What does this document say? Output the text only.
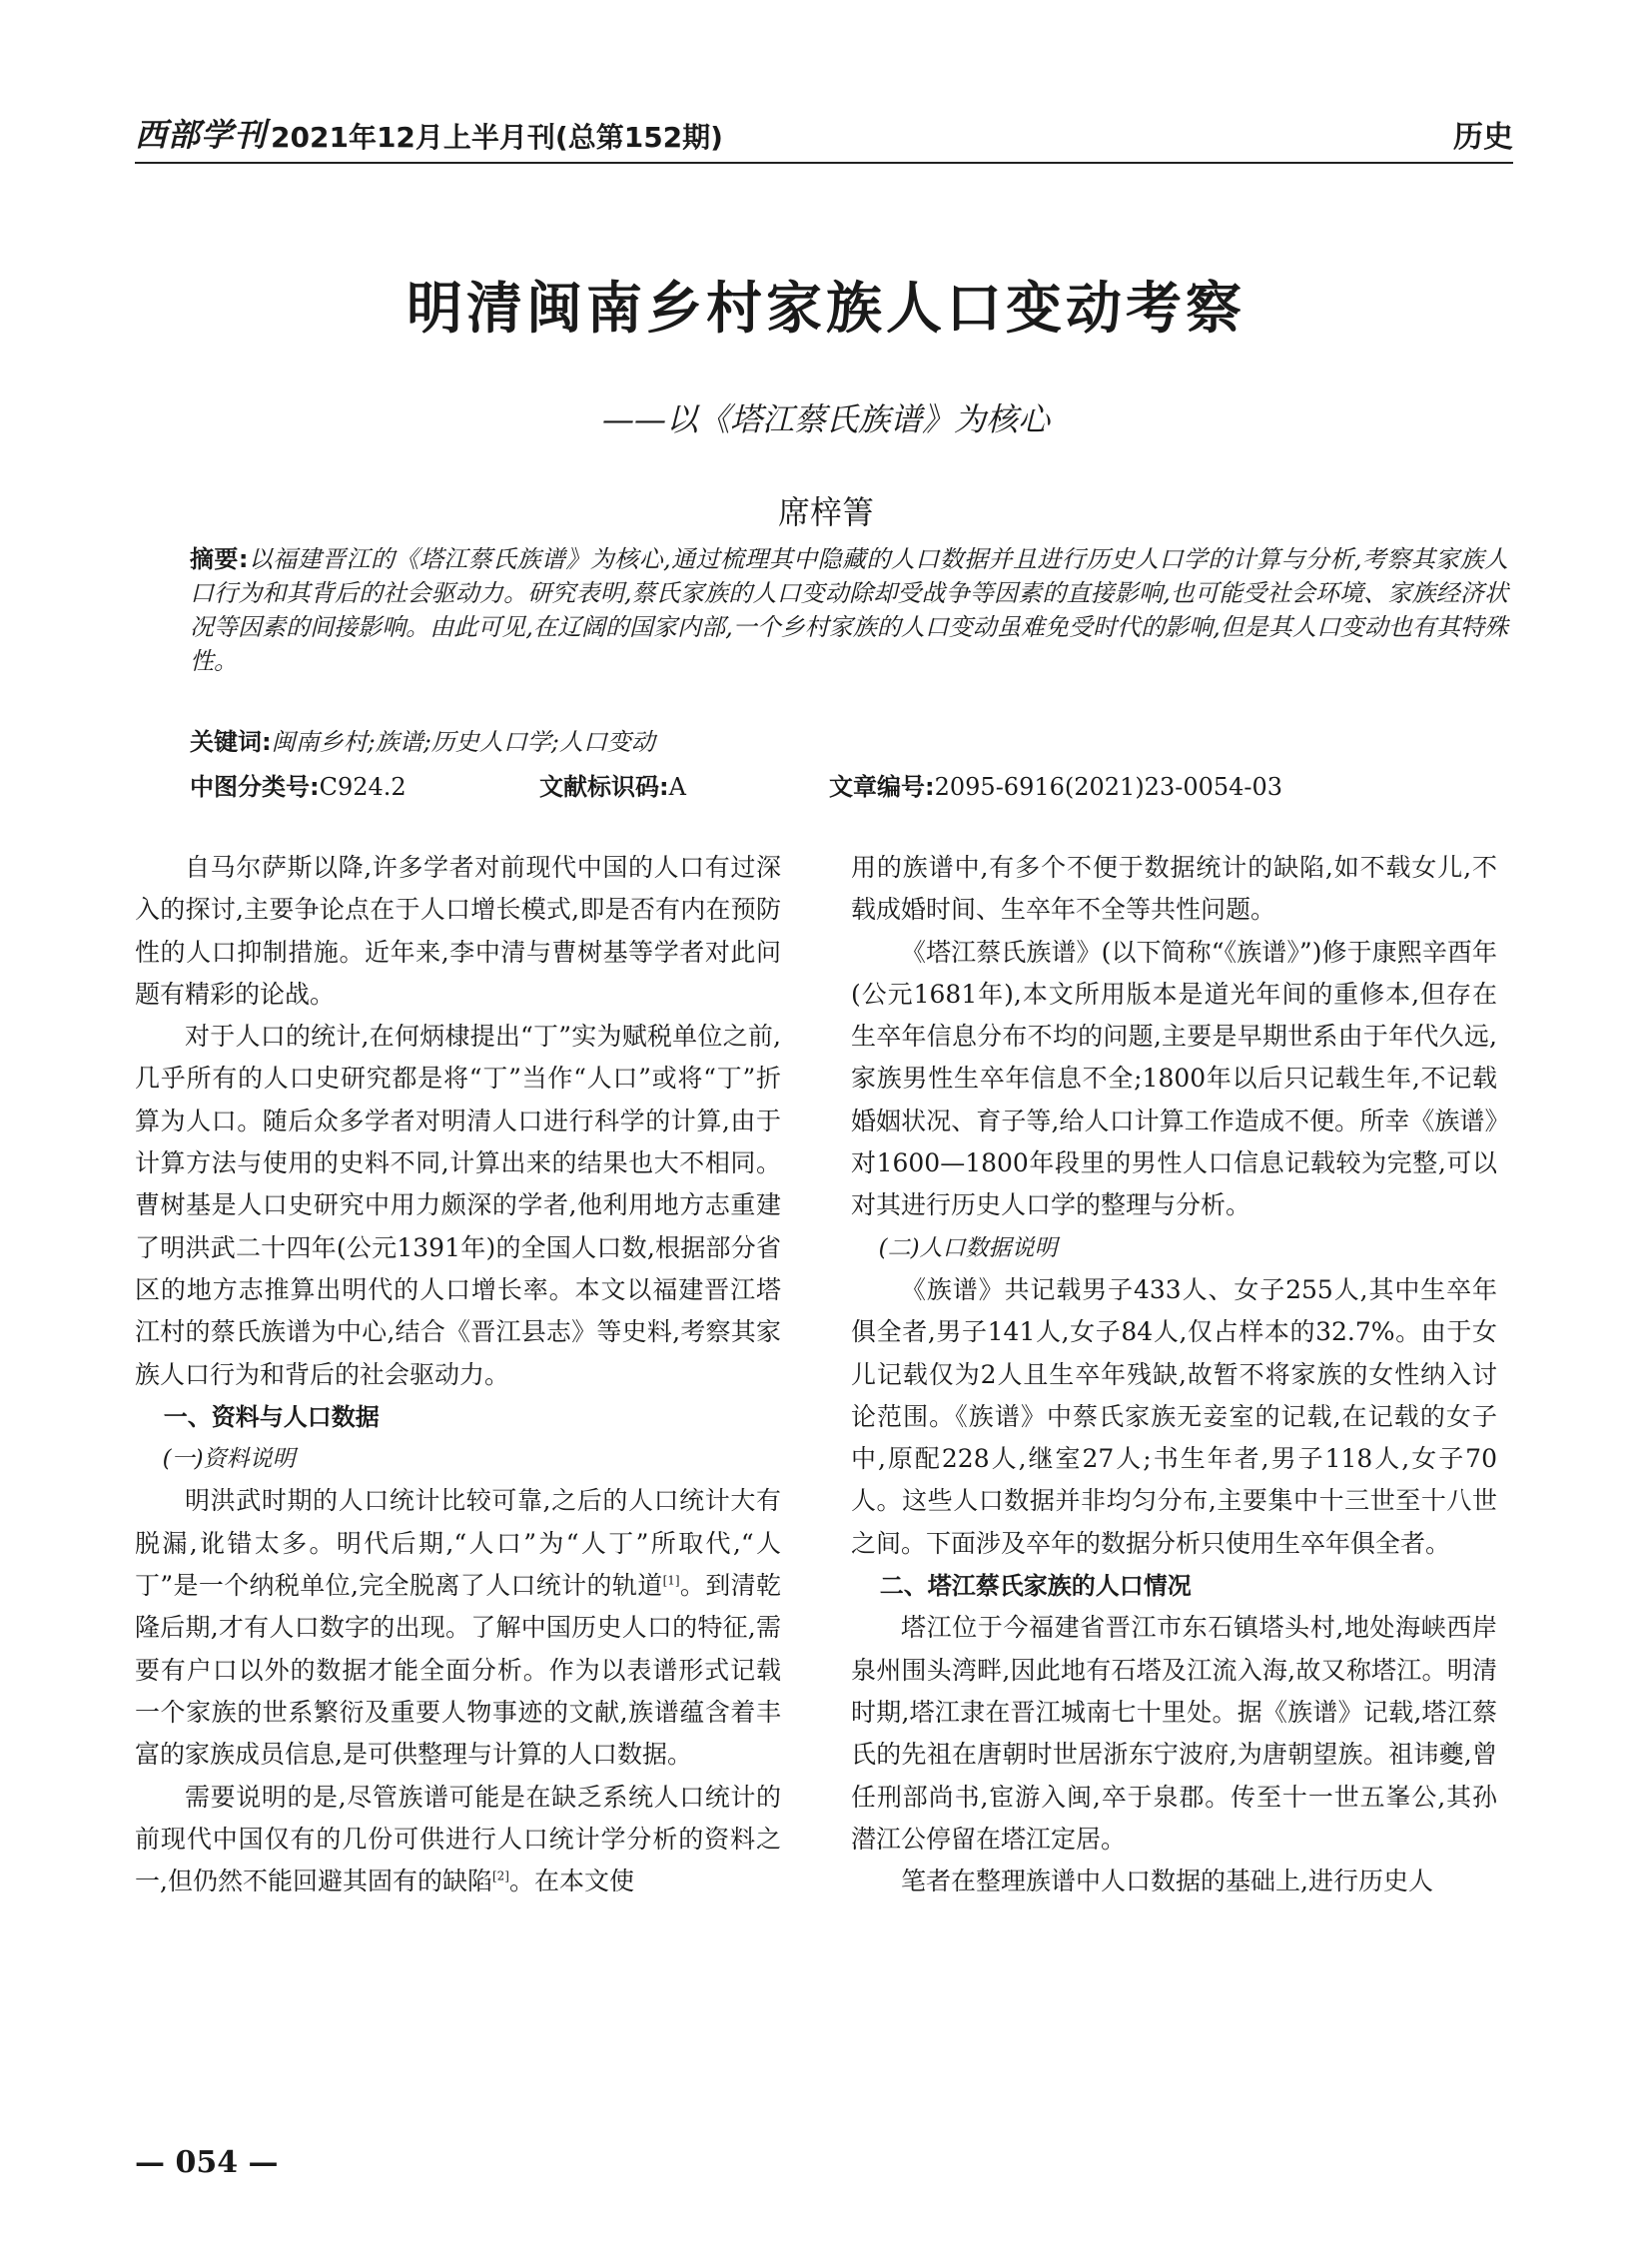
西部学刊 2021年12月上半月刊(总第152期)	历史
明清闽南乡村家族人口变动考察
——以《塔江蔡氏族谱》为核心
席梓箐
摘要:以福建晋江的《塔江蔡氏族谱》为核心,通过梳理其中隐藏的人口数据并且进行历史人口学的计算与分析,考察其家族人口行为和其背后的社会驱动力。研究表明,蔡氏家族的人口变动除却受战争等因素的直接影响,也可能受社会环境、家族经济状况等因素的间接影响。由此可见,在辽阔的国家内部,一个乡村家族的人口变动虽难免受时代的影响,但是其人口变动也有其特殊性。
关键词:闽南乡村;族谱;历史人口学;人口变动
中图分类号:C924.2	文献标识码:A	文章编号:2095-6916(2021)23-0054-03

自马尔萨斯以降,许多学者对前现代中国的人口有过深入的探讨,主要争论点在于人口增长模式,即是否有内在预防性的人口抑制措施。近年来,李中清与曹树基等学者对此问题有精彩的论战。

对于人口的统计,在何炳棣提出“丁”实为赋税单位之前,几乎所有的人口史研究都是将“丁”当作“人口”或将“丁”折算为人口。随后众多学者对明清人口进行科学的计算,由于计算方法与使用的史料不同,计算出来的结果也大不相同。曹树基是人口史研究中用力颇深的学者,他利用地方志重建了明洪武二十四年(公元1391年)的全国人口数,根据部分省区的地方志推算出明代的人口增长率。本文以福建晋江塔江村的蔡氏族谱为中心,结合《晋江县志》等史料,考察其家族人口行为和背后的社会驱动力。

一、资料与人口数据

(一)资料说明

明洪武时期的人口统计比较可靠,之后的人口统计大有脱漏,讹错太多。明代后期,“人口”为“人丁”所取代,“人丁”是一个纳税单位,完全脱离了人口统计的轨道[1]。到清乾隆后期,才有人口数字的出现。了解中国历史人口的特征,需要有户口以外的数据才能全面分析。作为以表谱形式记载一个家族的世系繁衍及重要人物事迹的文献,族谱蕴含着丰富的家族成员信息,是可供整理与计算的人口数据。

需要说明的是,尽管族谱可能是在缺乏系统人口统计的前现代中国仅有的几份可供进行人口统计学分析的资料之一,但仍然不能回避其固有的缺陷[2]。在本文使

用的族谱中,有多个不便于数据统计的缺陷,如不载女儿,不载成婚时间、生卒年不全等共性问题。

《塔江蔡氏族谱》(以下简称“《族谱》”)修于康熙辛酉年(公元1681年),本文所用版本是道光年间的重修本,但存在生卒年信息分布不均的问题,主要是早期世系由于年代久远,家族男性生卒年信息不全;1800年以后只记载生年,不记载婚姻状况、育子等,给人口计算工作造成不便。所幸《族谱》对1600—1800年段里的男性人口信息记载较为完整,可以对其进行历史人口学的整理与分析。

(二)人口数据说明

《族谱》共记载男子433人、女子255人,其中生卒年俱全者,男子141人,女子84人,仅占样本的32.7%。由于女儿记载仅为2人且生卒年残缺,故暂不将家族的女性纳入讨论范围。《族谱》中蔡氏家族无妾室的记载,在记载的女子中,原配228人,继室27人;书生年者,男子118人,女子70人。这些人口数据并非均匀分布,主要集中十三世至十八世之间。下面涉及卒年的数据分析只使用生卒年俱全者。

二、塔江蔡氏家族的人口情况

塔江位于今福建省晋江市东石镇塔头村,地处海峡西岸泉州围头湾畔,因此地有石塔及江流入海,故又称塔江。明清时期,塔江隶在晋江城南七十里处。据《族谱》记载,塔江蔡氏的先祖在唐朝时世居浙东宁波府,为唐朝望族。祖讳夔,曾任刑部尚书,宦游入闽,卒于泉郡。传至十一世五峯公,其孙潜江公停留在塔江定居。

笔者在整理族谱中人口数据的基础上,进行历史人

— 054 —
